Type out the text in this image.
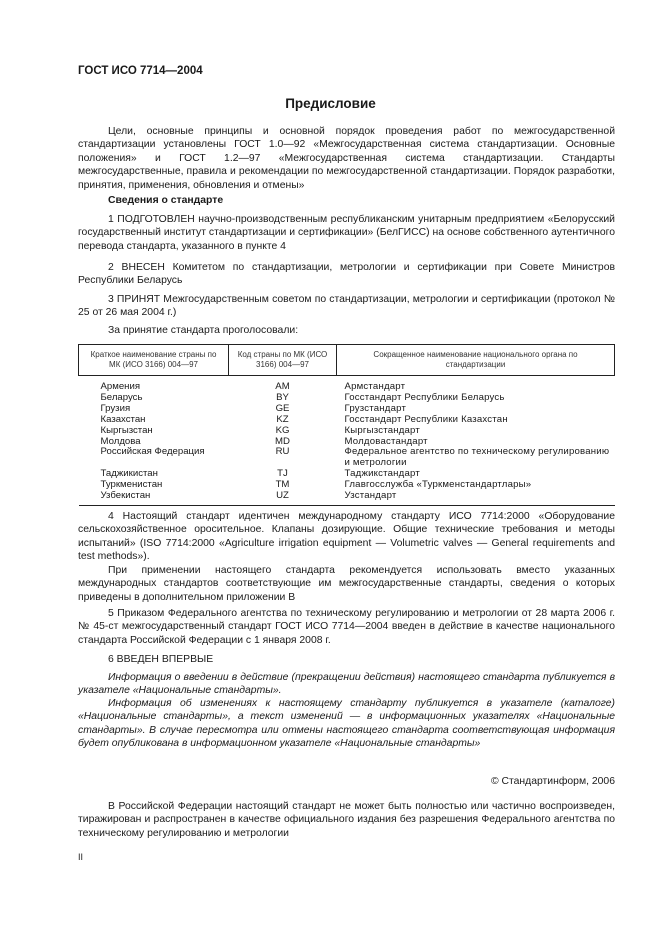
ГОСТ ИСО 7714—2004
Предисловие

Цели, основные принципы и основной порядок проведения работ по межгосударственной стандартизации установлены ГОСТ 1.0—92 «Межгосударственная система стандартизации. Основные положения» и ГОСТ 1.2—97 «Межгосударственная система стандартизации. Стандарты межгосударственные, правила и рекомендации по межгосударственной стандартизации. Порядок разработки, принятия, применения, обновления и отмены»

Сведения о стандарте

1 ПОДГОТОВЛЕН научно-производственным республиканским унитарным предприятием «Белорусский государственный институт стандартизации и сертификации» (БелГИСС) на основе собственного аутентичного перевода стандарта, указанного в пункте 4

2 ВНЕСЕН Комитетом по стандартизации, метрологии и сертификации при Совете Министров Республики Беларусь

3 ПРИНЯТ Межгосударственным советом по стандартизации, метрологии и сертификации (протокол № 25 от 26 мая 2004 г.)

За принятие стандарта проголосовали:

Краткое наименование страны по МК (ИСО 3166) 004—97	Код страны по МК (ИСО 3166) 004—97	Сокращенное наименование национального органа по стандартизации
Армения	AM	Армстандарт
Беларусь	BY	Госстандарт Республики Беларусь
Грузия	GE	Грузстандарт
Казахстан	KZ	Госстандарт Республики Казахстан
Кыргызстан	KG	Кыргызстандарт
Молдова	MD	Молдовастандарт
Российская Федерация	RU	Федеральное агентство по техническому регулированию и метрологии
Таджикистан	TJ	Таджикстандарт
Туркменистан	TM	Главгосслужба «Туркменстандартлары»
Узбекистан	UZ	Узстандарт

4 Настоящий стандарт идентичен международному стандарту ИСО 7714:2000 «Оборудование сельскохозяйственное оросительное. Клапаны дозирующие. Общие технические требования и методы испытаний» (ISO 7714:2000 «Agriculture irrigation equipment — Volumetric valves — General requirements and test methods»).

При применении настоящего стандарта рекомендуется использовать вместо указанных международных стандартов соответствующие им межгосударственные стандарты, сведения о которых приведены в дополнительном приложении В

5 Приказом Федерального агентства по техническому регулированию и метрологии от 28 марта 2006 г. № 45-ст межгосударственный стандарт ГОСТ ИСО 7714—2004 введен в действие в качестве национального стандарта Российской Федерации с 1 января 2008 г.

6 ВВЕДЕН ВПЕРВЫЕ

Информация о введении в действие (прекращении действия) настоящего стандарта публикуется в указателе «Национальные стандарты».

Информация об изменениях к настоящему стандарту публикуется в указателе (каталоге) «Национальные стандарты», а текст изменений — в информационных указателях «Национальные стандарты». В случае пересмотра или отмены настоящего стандарта соответствующая информация будет опубликована в информационном указателе «Национальные стандарты»

© Стандартинформ, 2006

В Российской Федерации настоящий стандарт не может быть полностью или частично воспроизведен, тиражирован и распространен в качестве официального издания без разрешения Федерального агентства по техническому регулированию и метрологии

II
